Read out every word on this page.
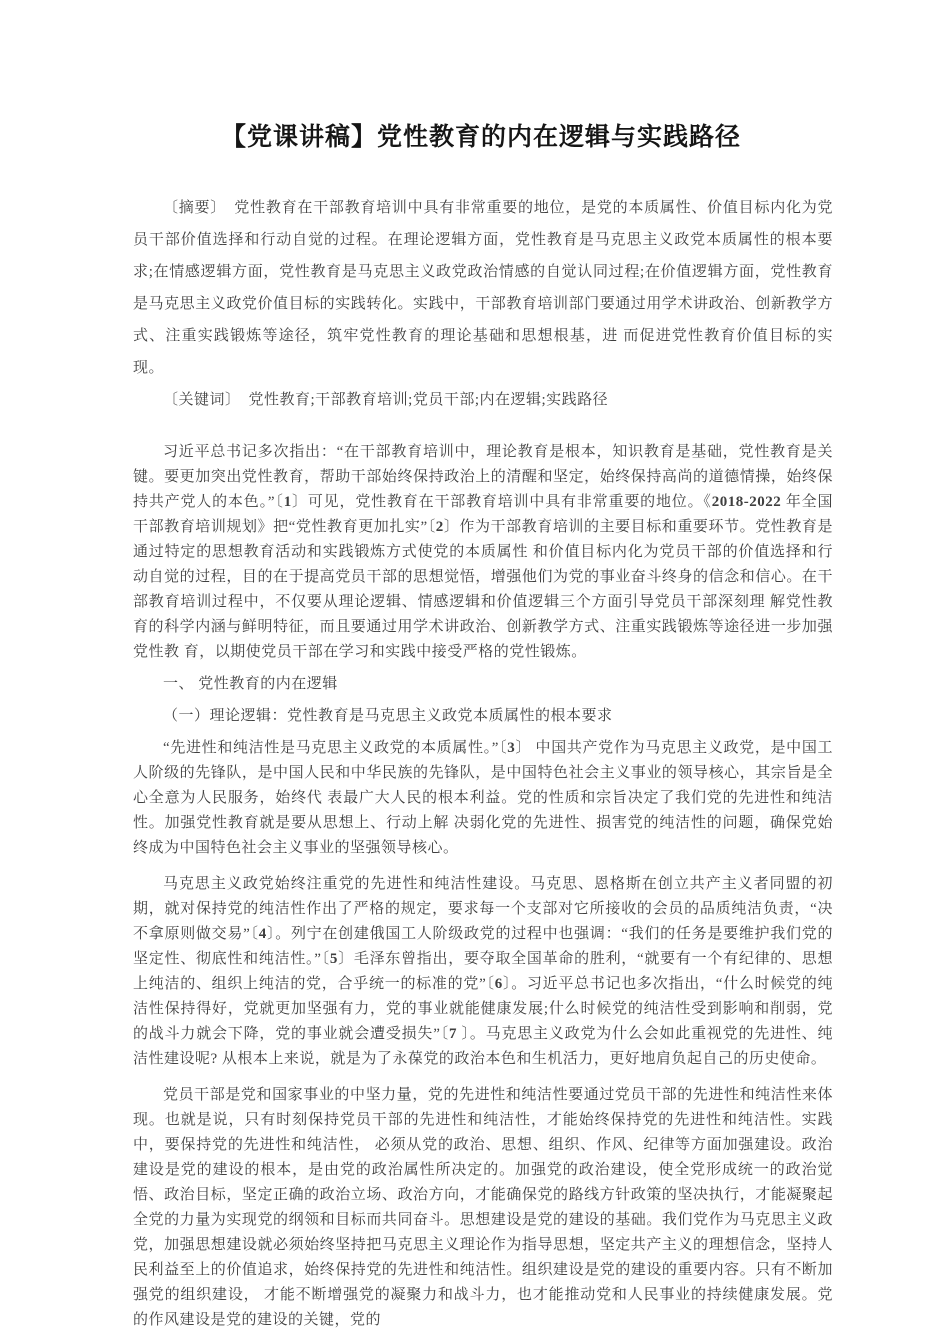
【党课讲稿】党性教育的内在逻辑与实践路径

〔摘要〕　党性教育在干部教育培训中具有非常重要的地位，是党的本质属性、价值目标内化为党员干部价值选择和行动自觉的过程。在理论逻辑方面，党性教育是马克思主义政党本质属性的根本要求;在情感逻辑方面，党性教育是马克思主义政党政治情感的自觉认同过程;在价值逻辑方面，党性教育是马克思主义政党价值目标的实践转化。实践中，干部教育培训部门要通过用学术讲政治、创新教学方式、注重实践锻炼等途径，筑牢党性教育的理论基础和思想根基，进 而促进党性教育价值目标的实现。

〔关键词〕　党性教育;干部教育培训;党员干部;内在逻辑;实践路径

习近平总书记多次指出：“在干部教育培训中，理论教育是根本，知识教育是基础，党性教育是关键。要更加突出党性教育，帮助干部始终保持政治上的清醒和坚定，始终保持高尚的道德情操，始终保持共产党人的本色。”〔1〕可见，党性教育在干部教育培训中具有非常重要的地位。《2018-2022 年全国干部教育培训规划》把“党性教育更加扎实”〔2〕作为干部教育培训的主要目标和重要环节。党性教育是通过特定的思想教育活动和实践锻炼方式使党的本质属性 和价值目标内化为党员干部的价值选择和行动自觉的过程，目的在于提高党员干部的思想觉悟，增强他们为党的事业奋斗终身的信念和信心。在干部教育培训过程中，不仅要从理论逻辑、情感逻辑和价值逻辑三个方面引导党员干部深刻理 解党性教育的科学内涵与鲜明特征，而且要通过用学术讲政治、创新教学方式、注重实践锻炼等途径进一步加强党性教 育，以期使党员干部在学习和实践中接受严格的党性锻炼。

一、 党性教育的内在逻辑

（一）理论逻辑：党性教育是马克思主义政党本质属性的根本要求

“先进性和纯洁性是马克思主义政党的本质属性。”〔3〕 中国共产党作为马克思主义政党，是中国工人阶级的先锋队，是中国人民和中华民族的先锋队，是中国特色社会主义事业的领导核心，其宗旨是全心全意为人民服务，始终代 表最广大人民的根本利益。党的性质和宗旨决定了我们党的先进性和纯洁性。加强党性教育就是要从思想上、行动上解 决弱化党的先进性、损害党的纯洁性的问题，确保党始终成为中国特色社会主义事业的坚强领导核心。

马克思主义政党始终注重党的先进性和纯洁性建设。马克思、恩格斯在创立共产主义者同盟的初期，就对保持党的纯洁性作出了严格的规定，要求每一个支部对它所接收的会员的品质纯洁负责，“决不拿原则做交易”〔4〕。列宁在创建俄国工人阶级政党的过程中也强调：“我们的任务是要维护我们党的坚定性、彻底性和纯洁性。”〔5〕毛泽东曾指出，要夺取全国革命的胜利，“就要有一个有纪律的、思想上纯洁的、组织上纯洁的党，合乎统一的标准的党”〔6〕。习近平总书记也多次指出，“什么时候党的纯洁性保持得好，党就更加坚强有力，党的事业就能健康发展;什么时候党的纯洁性受到影响和削弱，党的战斗力就会下降，党的事业就会遭受损失”〔7 〕。马克思主义政党为什么会如此重视党的先进性、纯洁性建设呢? 从根本上来说，就是为了永葆党的政治本色和生机活力，更好地肩负起自己的历史使命。

党员干部是党和国家事业的中坚力量，党的先进性和纯洁性要通过党员干部的先进性和纯洁性来体现。也就是说，只有时刻保持党员干部的先进性和纯洁性，才能始终保持党的先进性和纯洁性。实践中，要保持党的先进性和纯洁性， 必须从党的政治、思想、组织、作风、纪律等方面加强建设。政治建设是党的建设的根本，是由党的政治属性所决定的。加强党的政治建设，使全党形成统一的政治觉悟、政治目标，坚定正确的政治立场、政治方向，才能确保党的路线方针政策的坚决执行，才能凝聚起全党的力量为实现党的纲领和目标而共同奋斗。思想建设是党的建设的基础。我们党作为马克思主义政党，加强思想建设就必须始终坚持把马克思主义理论作为指导思想，坚定共产主义的理想信念，坚持人民利益至上的价值追求，始终保持党的先进性和纯洁性。组织建设是党的建设的重要内容。只有不断加强党的组织建设， 才能不断增强党的凝聚力和战斗力，也才能推动党和人民事业的持续健康发展。党的作风建设是党的建设的关键，党的
